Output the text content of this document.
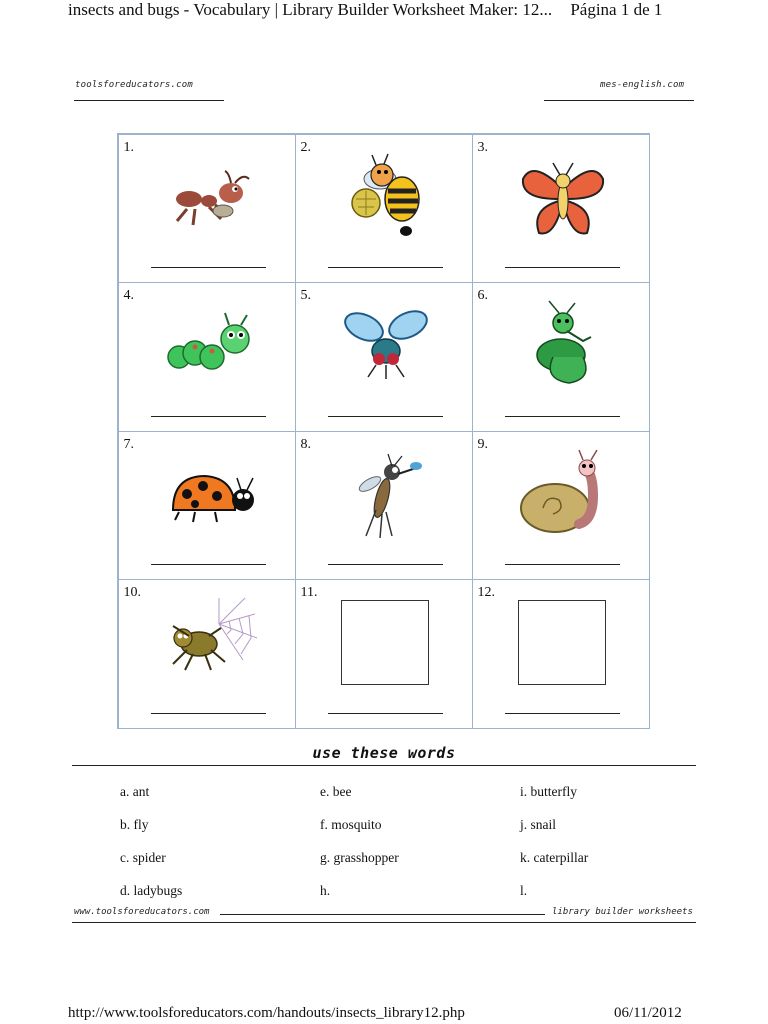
insects and bugs - Vocabulary | Library Builder Worksheet Maker: 12... Página 1 de 1
toolsforeducators.com	mes-english.com
1.	2.	3.
4.	5.	6.
7.	8.	9.
10.	11.	12.
use these words
a. ant	e. bee	i. butterfly
b. fly	f. mosquito	j. snail
c. spider	g. grasshopper	k. caterpillar
d. ladybugs	h.	l.
www.toolsforeducators.com	library builder worksheets
http://www.toolsforeducators.com/handouts/insects_library12.php	06/11/2012
